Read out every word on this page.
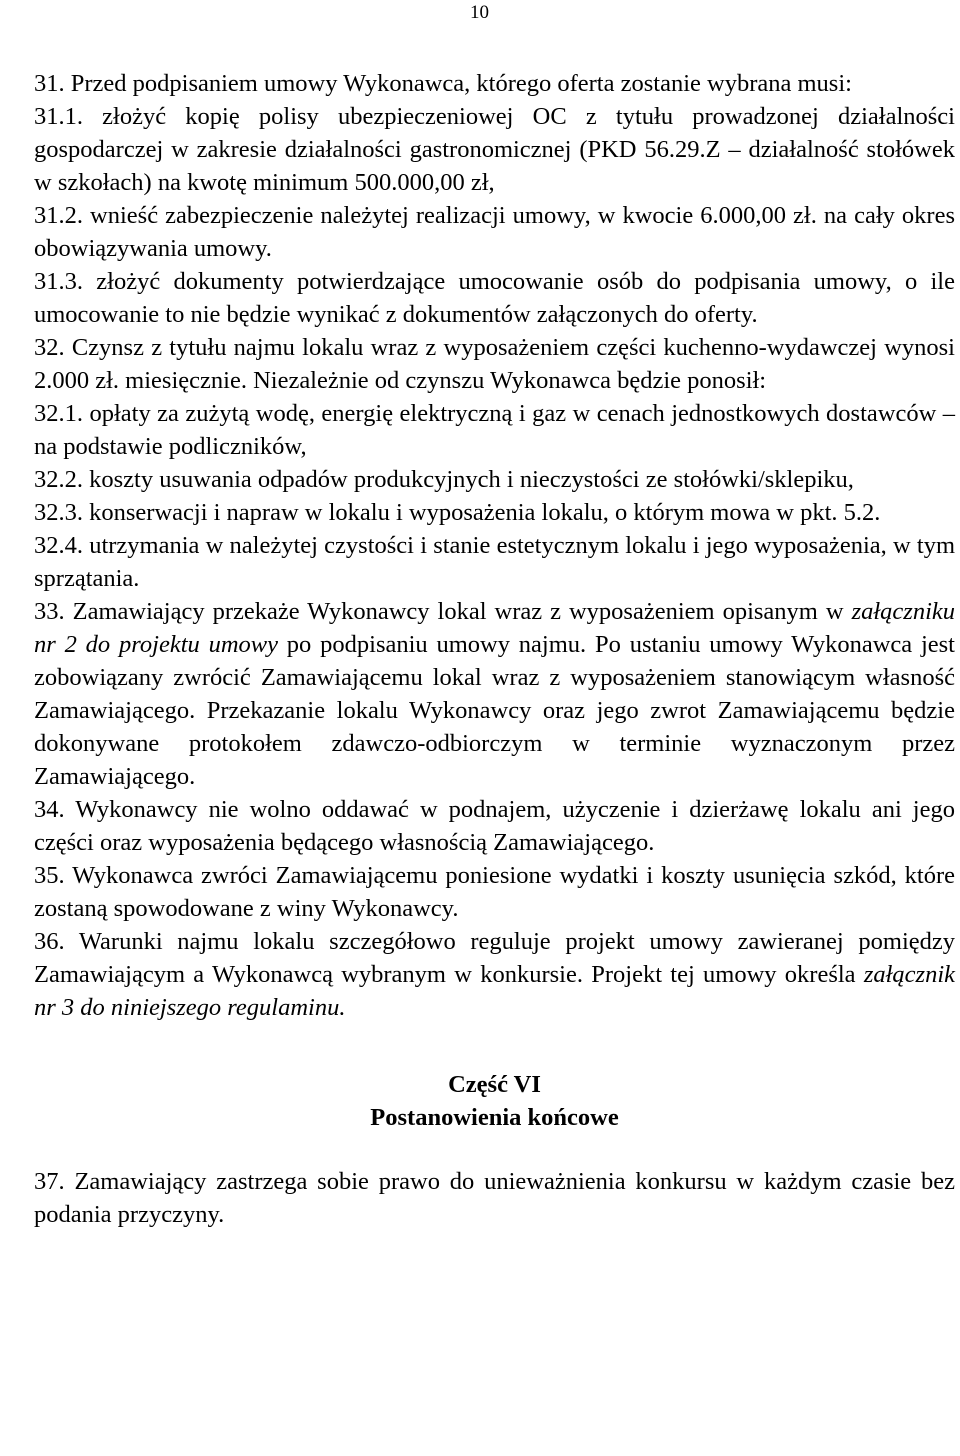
10

31. Przed podpisaniem umowy Wykonawca, którego oferta zostanie wybrana musi:

31.1. złożyć kopię polisy ubezpieczeniowej OC z tytułu prowadzonej działalności gospodarczej w zakresie działalności gastronomicznej (PKD 56.29.Z – działalność stołówek w szkołach) na kwotę minimum 500.000,00 zł,

31.2. wnieść zabezpieczenie należytej realizacji umowy, w kwocie 6.000,00 zł. na cały okres obowiązywania umowy.

31.3. złożyć dokumenty potwierdzające umocowanie osób do podpisania umowy, o ile umocowanie to nie będzie wynikać z dokumentów załączonych do oferty.

32. Czynsz z tytułu najmu lokalu wraz z wyposażeniem części kuchenno-wydawczej wynosi 2.000 zł. miesięcznie. Niezależnie od czynszu Wykonawca będzie ponosił:

32.1. opłaty za zużytą wodę, energię elektryczną i gaz w cenach jednostkowych dostawców – na podstawie podliczników,

32.2. koszty usuwania odpadów produkcyjnych i nieczystości ze stołówki/sklepiku,

32.3. konserwacji i napraw w lokalu i wyposażenia lokalu, o którym mowa w pkt. 5.2.

32.4. utrzymania w należytej czystości i stanie estetycznym lokalu i jego wyposażenia, w tym sprzątania.

33. Zamawiający przekaże Wykonawcy lokal wraz z wyposażeniem opisanym w załączniku nr 2 do projektu umowy po podpisaniu umowy najmu. Po ustaniu umowy Wykonawca jest zobowiązany zwrócić Zamawiającemu lokal wraz z wyposażeniem stanowiącym własność Zamawiającego. Przekazanie lokalu Wykonawcy oraz jego zwrot Zamawiającemu będzie dokonywane protokołem zdawczo-odbiorczym w terminie wyznaczonym przez Zamawiającego.

34. Wykonawcy nie wolno oddawać w podnajem, użyczenie i dzierżawę lokalu ani jego części oraz wyposażenia będącego własnością Zamawiającego.

35. Wykonawca zwróci Zamawiającemu poniesione wydatki i koszty usunięcia szkód, które zostaną spowodowane z winy Wykonawcy.

36. Warunki najmu lokalu szczegółowo reguluje projekt umowy zawieranej pomiędzy Zamawiającym a Wykonawcą wybranym w konkursie. Projekt tej umowy określa załącznik nr 3 do niniejszego regulaminu.

Część VI
Postanowienia końcowe

37. Zamawiający zastrzega sobie prawo do unieważnienia konkursu w każdym czasie bez podania przyczyny.
